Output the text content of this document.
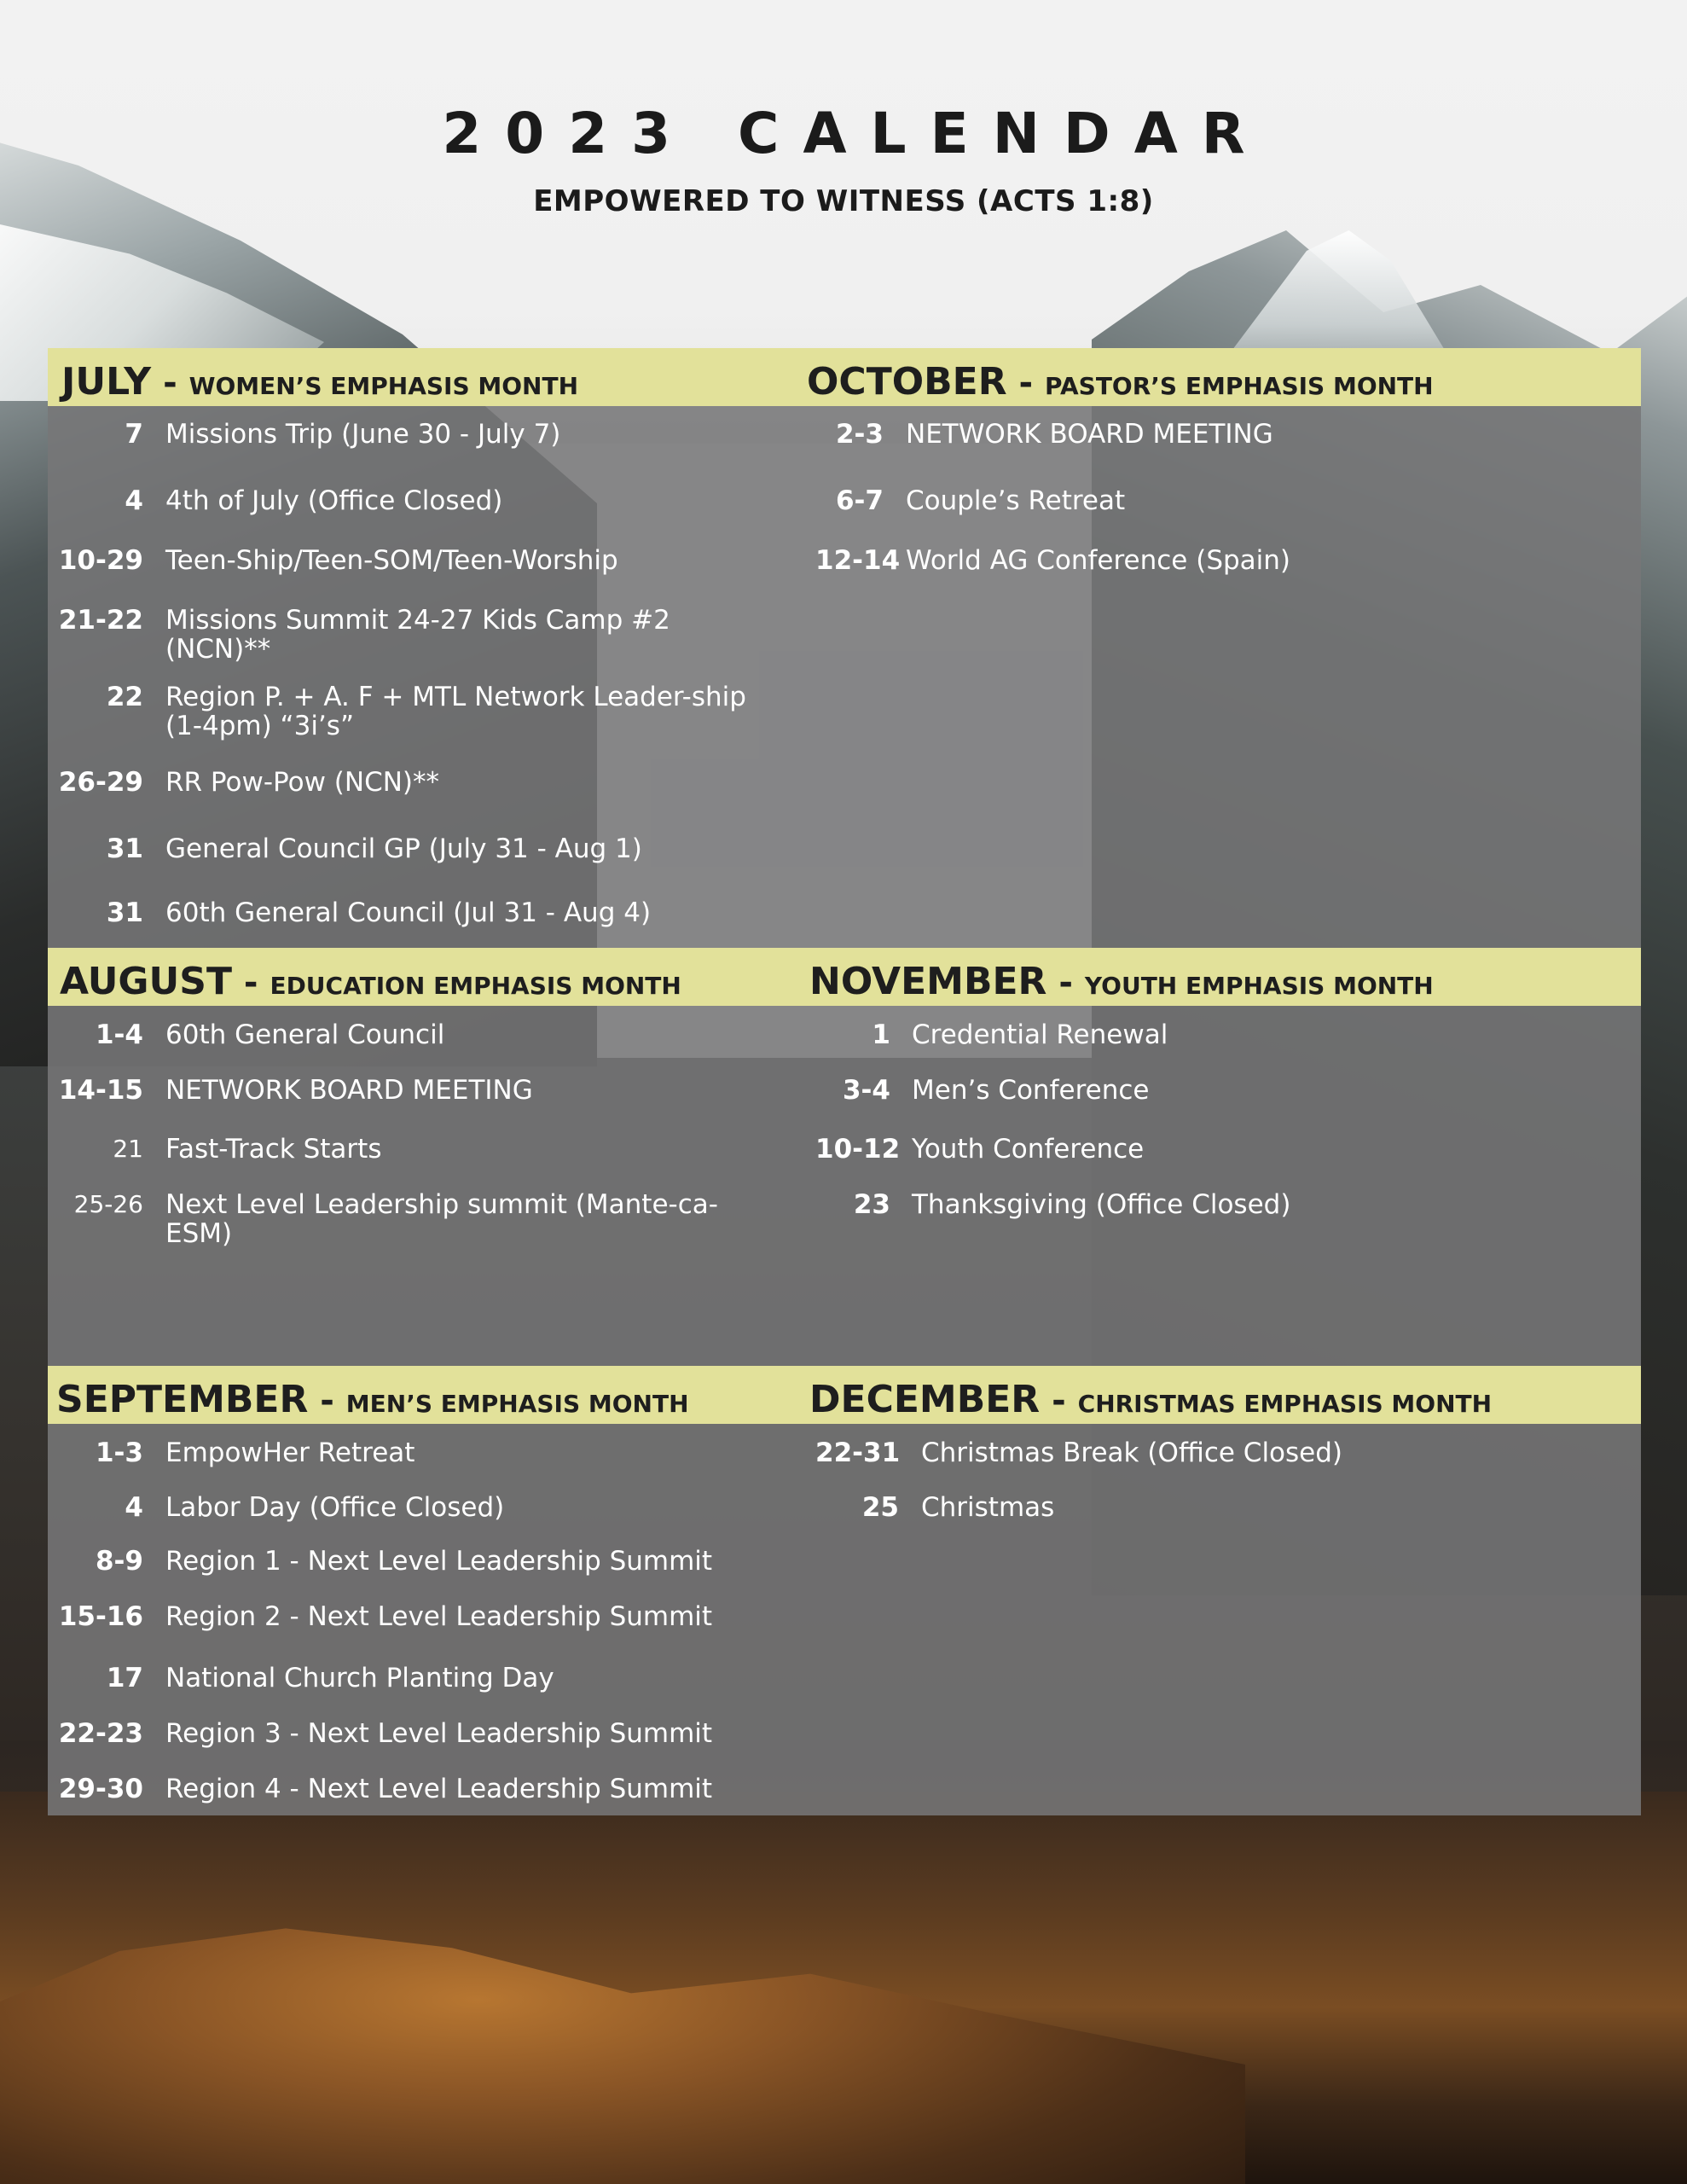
2023 CALENDAR
EMPOWERED TO WITNESS (ACTS 1:8)
JULY - WOMEN’S EMPHASIS MONTH
7 Missions Trip (June 30 - July 7)
4 4th of July (Office Closed)
10-29 Teen-Ship/Teen-SOM/Teen-Worship
21-22 Missions Summit 24-27 Kids Camp #2 (NCN)**
22 Region P. + A. F + MTL Network Leader-ship (1-4pm) “3i’s”
26-29 RR Pow-Pow (NCN)**
31 General Council GP (July 31 - Aug 1)
31 60th General Council (Jul 31 - Aug 4)
OCTOBER - PASTOR’S EMPHASIS MONTH
2-3 NETWORK BOARD MEETING
6-7 Couple’s Retreat
12-14 World AG Conference (Spain)
AUGUST - EDUCATION EMPHASIS MONTH
1-4 60th General Council
14-15 NETWORK BOARD MEETING
21 Fast-Track Starts
25-26 Next Level Leadership summit (Mante-ca-ESM)
NOVEMBER - YOUTH EMPHASIS MONTH
1 Credential Renewal
3-4 Men’s Conference
10-12 Youth Conference
23 Thanksgiving (Office Closed)
SEPTEMBER - MEN’S EMPHASIS MONTH
1-3 EmpowHer Retreat
4 Labor Day (Office Closed)
8-9 Region 1 - Next Level Leadership Summit
15-16 Region 2 - Next Level Leadership Summit
17 National Church Planting Day
22-23 Region 3 - Next Level Leadership Summit
29-30 Region 4 - Next Level Leadership Summit
DECEMBER - CHRISTMAS EMPHASIS MONTH
22-31 Christmas Break (Office Closed)
25 Christmas
